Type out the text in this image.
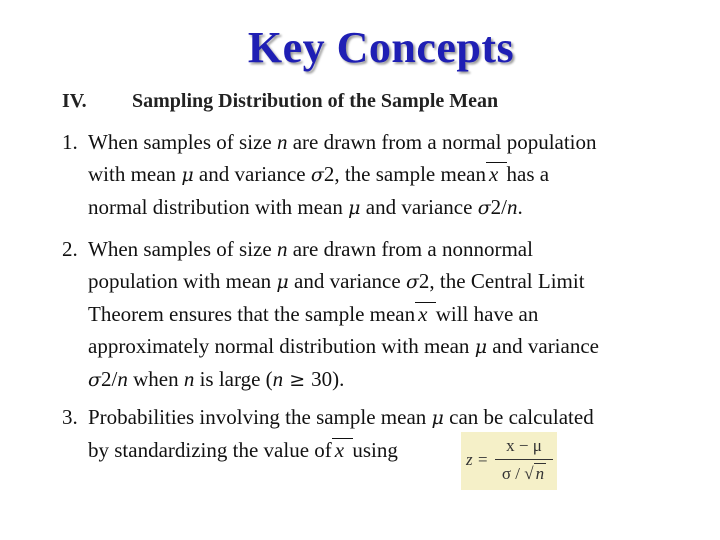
Key Concepts
IV. Sampling Distribution of the Sample Mean
1. When samples of size n are drawn from a normal population
with mean μ and variance σ2, the sample mean x has a
normal distribution with mean μ and variance σ2/n.
2. When samples of size n are drawn from a nonnormal
population with mean μ and variance σ2, the Central Limit
Theorem ensures that the sample mean x will have an
approximately normal distribution with mean μ and variance
σ2/n when n is large (n ≥ 30).
3. Probabilities involving the sample mean μ can be calculated
by standardizing the value of x using	z =
x − μ
σ / √ n
